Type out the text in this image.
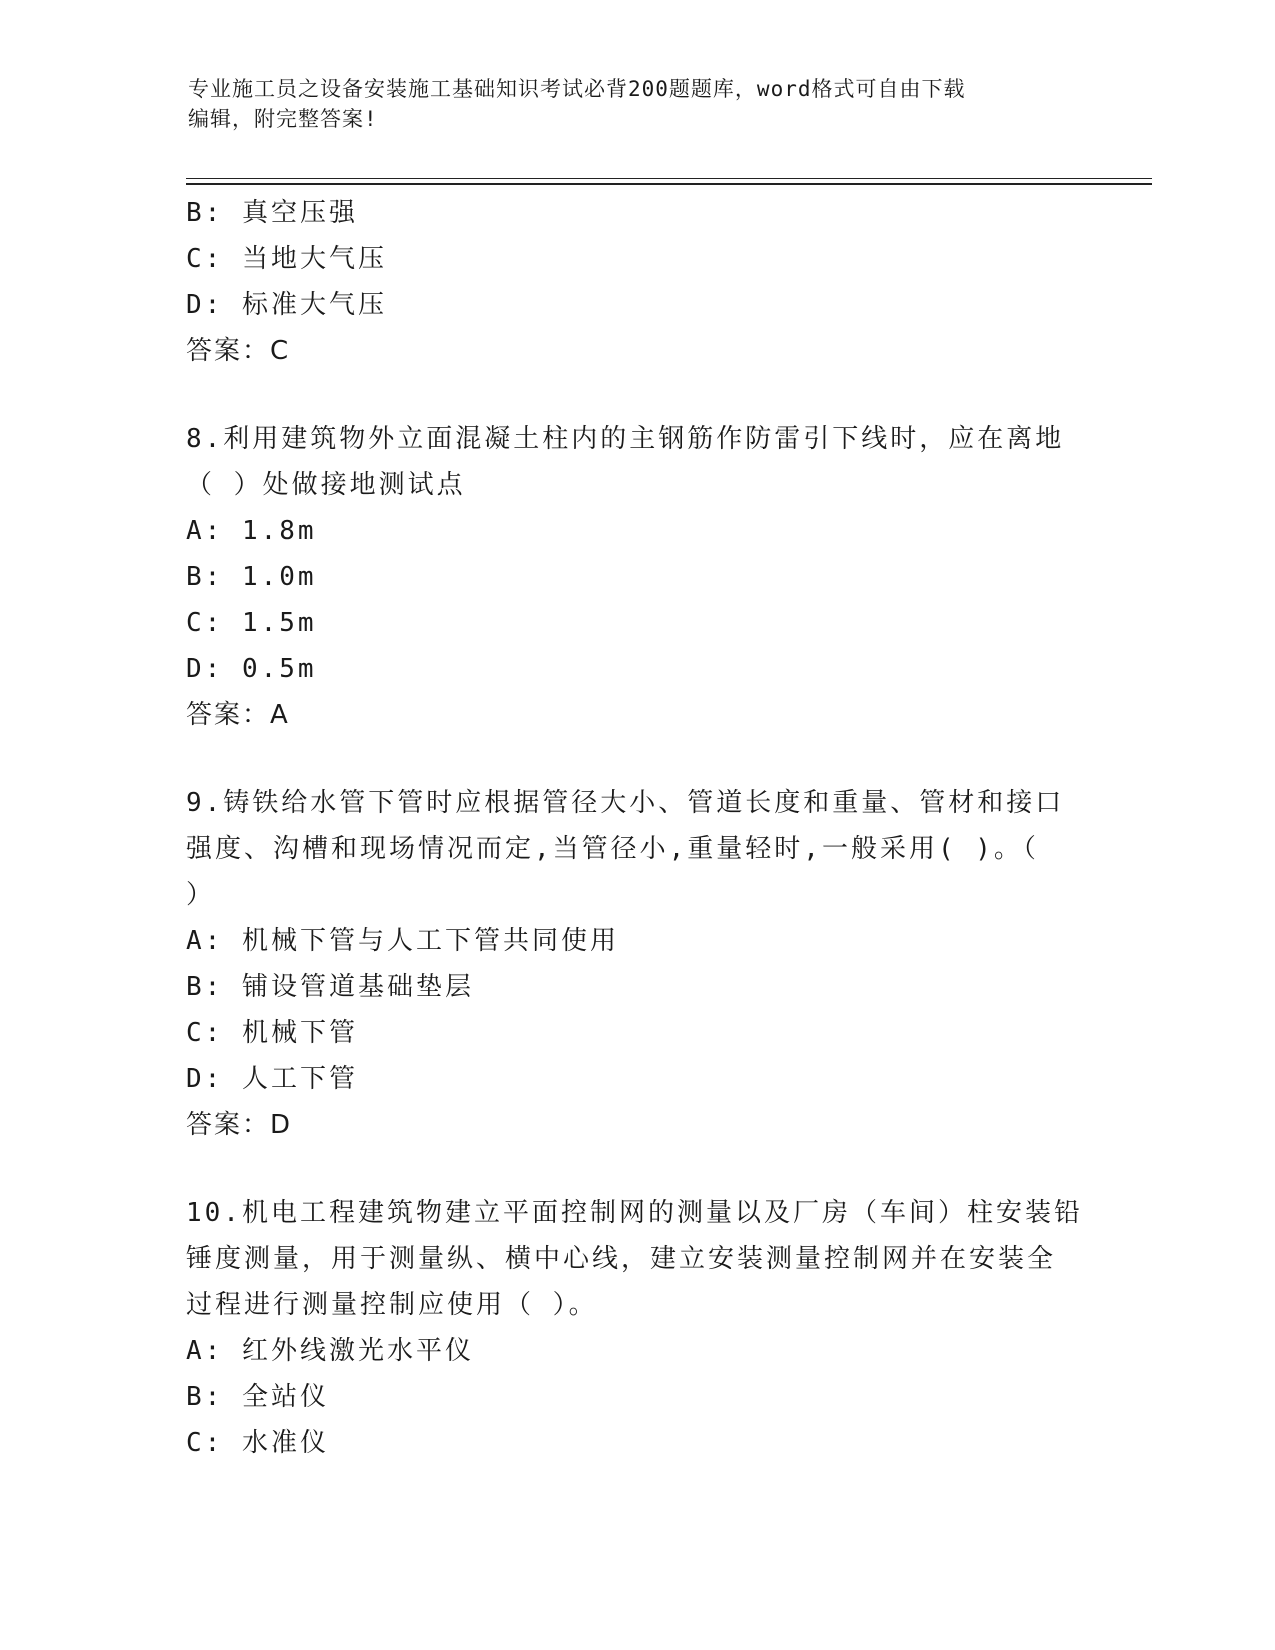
专业施工员之设备安装施工基础知识考试必背200题题库，word格式可自由下载
编辑，附完整答案!
B: 真空压强
C: 当地大气压
D: 标准大气压
答案：C
8.利用建筑物外立面混凝土柱内的主钢筋作防雷引下线时，应在离地
（ ）处做接地测试点
A: 1.8m
B: 1.0m
C: 1.5m
D: 0.5m
答案：A
9.铸铁给水管下管时应根据管径大小、管道长度和重量、管材和接口
强度、沟槽和现场情况而定,当管径小,重量轻时,一般采用( )。（
）
A: 机械下管与人工下管共同使用
B: 铺设管道基础垫层
C: 机械下管
D: 人工下管
答案：D
10.机电工程建筑物建立平面控制网的测量以及厂房（车间）柱安装铅
锤度测量，用于测量纵、横中心线，建立安装测量控制网并在安装全
过程进行测量控制应使用（ ）。
A: 红外线激光水平仪
B: 全站仪
C: 水准仪
